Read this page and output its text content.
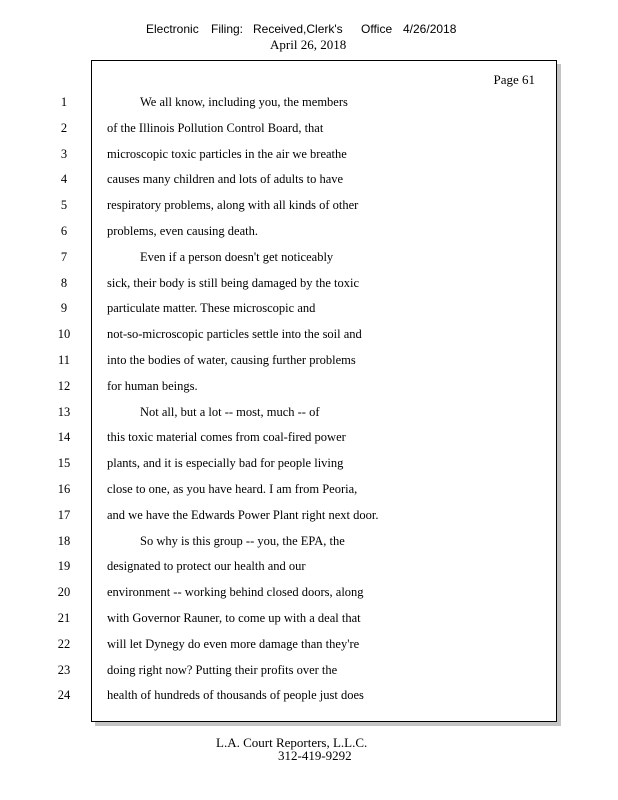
Electronic Filing: Received,Clerk's Office 4/26/2018
April 26, 2018
Page 61
1	We all know, including you, the members
2	of the Illinois Pollution Control Board, that
3	microscopic toxic particles in the air we breathe
4	causes many children and lots of adults to have
5	respiratory problems, along with all kinds of other
6	problems, even causing death.
7	Even if a person doesn't get noticeably
8	sick, their body is still being damaged by the toxic
9	particulate matter. These microscopic and
10	not-so-microscopic particles settle into the soil and
11	into the bodies of water, causing further problems
12	for human beings.
13	Not all, but a lot -- most, much -- of
14	this toxic material comes from coal-fired power
15	plants, and it is especially bad for people living
16	close to one, as you have heard. I am from Peoria,
17	and we have the Edwards Power Plant right next door.
18	So why is this group -- you, the EPA, the
19	designated to protect our health and our
20	environment -- working behind closed doors, along
21	with Governor Rauner, to come up with a deal that
22	will let Dynegy do even more damage than they're
23	doing right now? Putting their profits over the
24	health of hundreds of thousands of people just does
L.A. Court Reporters, L.L.C.
312-419-9292
